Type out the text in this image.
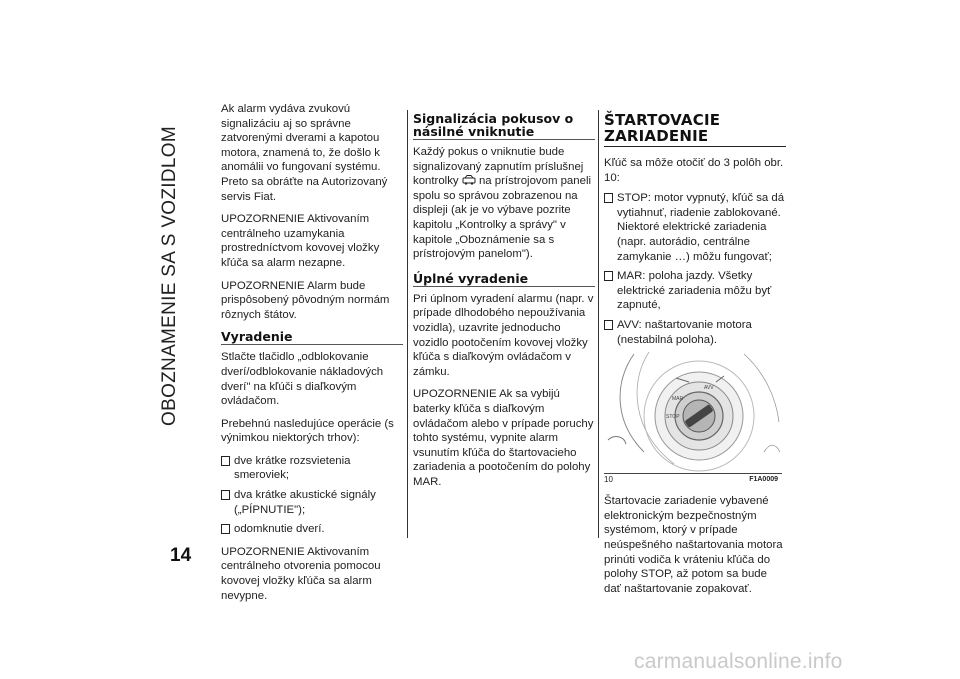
OBOZNAMENIE SA S VOZIDLOM
14

Ak alarm vydáva zvukovú signalizáciu aj so správne zatvorenými dverami a kapotou motora, znamená to, že došlo k anomálii vo fungovaní systému. Preto sa obráťte na Autorizovaný servis Fiat.

UPOZORNENIE Aktivovaním centrálneho uzamykania prostredníctvom kovovej vložky kľúča sa alarm nezapne.

UPOZORNENIE Alarm bude prispôsobený pôvodným normám rôznych štátov.

Vyradenie

Stlačte tlačidlo „odblokovanie dverí/odblokovanie nákladových dverí" na kľúči s diaľkovým ovládačom.

Prebehnú nasledujúce operácie (s výnimkou niektorých trhov):

dve krátke rozsvietenia smeroviek;
dva krátke akustické signály („PÍPNUTIE");
odomknutie dverí.

UPOZORNENIE Aktivovaním centrálneho otvorenia pomocou kovovej vložky kľúča sa alarm nevypne.

Signalizácia pokusov o násilné vniknutie

Každý pokus o vniknutie bude signalizovaný zapnutím príslušnej kontrolky na prístrojovom paneli spolu so správou zobrazenou na displeji (ak je vo výbave pozrite kapitolu „Kontrolky a správy" v kapitole „Oboznámenie sa s prístrojovým panelom").

Úplné vyradenie

Pri úplnom vyradení alarmu (napr. v prípade dlhodobého nepoužívania vozidla), uzavrite jednoducho vozidlo pootočením kovovej vložky kľúča s diaľkovým ovládačom v zámku.

UPOZORNENIE Ak sa vybijú baterky kľúča s diaľkovým ovládačom alebo v prípade poruchy tohto systému, vypnite alarm vsunutím kľúča do štartovacieho zariadenia a pootočením do polohy MAR.

ŠTARTOVACIE
ZARIADENIE

Kľúč sa môže otočiť do 3 polôh obr. 10:

STOP: motor vypnutý, kľúč sa dá vytiahnuť, riadenie zablokované. Niektoré elektrické zariadenia (napr. autorádio, centrálne zamykanie …) môžu fungovať;
MAR: poloha jazdy. Všetky elektrické zariadenia môžu byť zapnuté,
AVV: naštartovanie motora (nestabilná poloha).
AVV
MAR
STOP
10	F1A0009

Štartovacie zariadenie vybavené elektronickým bezpečnostným systémom, ktorý v prípade neúspešného naštartovania motora prinúti vodiča k vráteniu kľúča do polohy STOP, až potom sa bude dať naštartovanie zopakovať.

carmanualsonline.info
